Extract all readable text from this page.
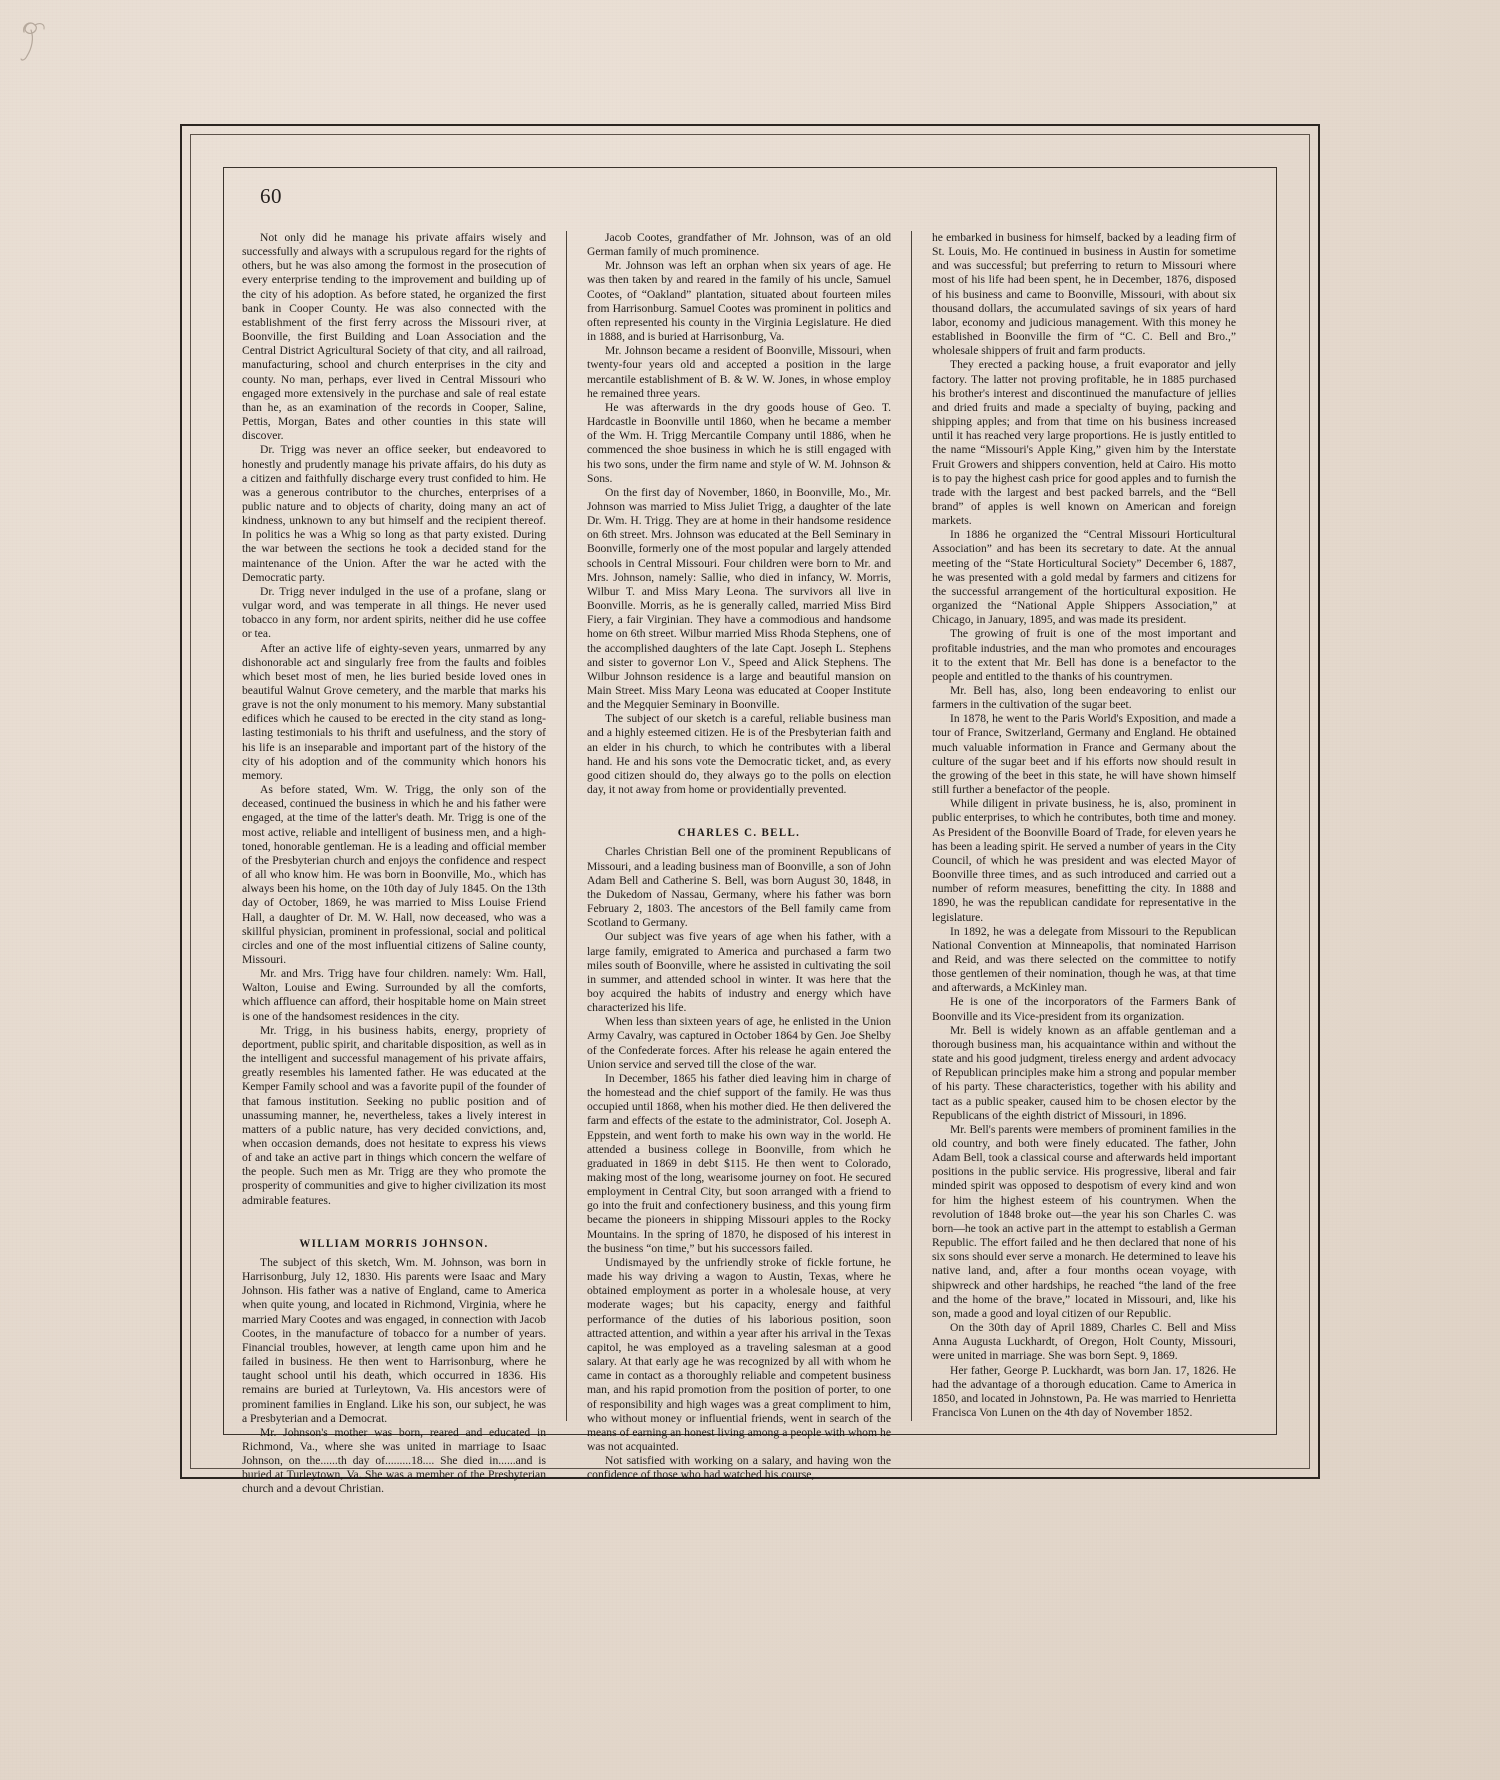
60

Not only did he manage his private affairs wisely and successfully and always with a scrupulous regard for the rights of others, but he was also among the formost in the prosecution of every enterprise tending to the improvement and building up of the city of his adoption. As before stated, he organized the first bank in Cooper County. He was also connected with the establishment of the first ferry across the Missouri river, at Boonville, the first Building and Loan Association and the Central District Agricultural Society of that city, and all railroad, manufacturing, school and church enterprises in the city and county. No man, perhaps, ever lived in Central Missouri who engaged more extensively in the purchase and sale of real estate than he, as an examination of the records in Cooper, Saline, Pettis, Morgan, Bates and other counties in this state will discover.

Dr. Trigg was never an office seeker, but endeavored to honestly and prudently manage his private affairs, do his duty as a citizen and faithfully discharge every trust confided to him. He was a generous contributor to the churches, enterprises of a public nature and to objects of charity, doing many an act of kindness, unknown to any but himself and the recipient thereof. In politics he was a Whig so long as that party existed. During the war between the sections he took a decided stand for the maintenance of the Union. After the war he acted with the Democratic party.

Dr. Trigg never indulged in the use of a profane, slang or vulgar word, and was temperate in all things. He never used tobacco in any form, nor ardent spirits, neither did he use coffee or tea.

After an active life of eighty-seven years, unmarred by any dishonorable act and singularly free from the faults and foibles which beset most of men, he lies buried beside loved ones in beautiful Walnut Grove cemetery, and the marble that marks his grave is not the only monument to his memory. Many substantial edifices which he caused to be erected in the city stand as long-lasting testimonials to his thrift and usefulness, and the story of his life is an inseparable and important part of the history of the city of his adoption and of the community which honors his memory.

As before stated, Wm. W. Trigg, the only son of the deceased, continued the business in which he and his father were engaged, at the time of the latter's death. Mr. Trigg is one of the most active, reliable and intelligent of business men, and a high-toned, honorable gentleman. He is a leading and official member of the Presbyterian church and enjoys the confidence and respect of all who know him. He was born in Boonville, Mo., which has always been his home, on the 10th day of July 1845. On the 13th day of October, 1869, he was married to Miss Louise Friend Hall, a daughter of Dr. M. W. Hall, now deceased, who was a skillful physician, prominent in professional, social and political circles and one of the most influential citizens of Saline county, Missouri.

Mr. and Mrs. Trigg have four children. namely: Wm. Hall, Walton, Louise and Ewing. Surrounded by all the comforts, which affluence can afford, their hospitable home on Main street is one of the handsomest residences in the city.

Mr. Trigg, in his business habits, energy, propriety of deportment, public spirit, and charitable disposition, as well as in the intelligent and successful management of his private affairs, greatly resembles his lamented father. He was educated at the Kemper Family school and was a favorite pupil of the founder of that famous institution. Seeking no public position and of unassuming manner, he, nevertheless, takes a lively interest in matters of a public nature, has very decided convictions, and, when occasion demands, does not hesitate to express his views of and take an active part in things which concern the welfare of the people. Such men as Mr. Trigg are they who promote the prosperity of communities and give to higher civilization its most admirable features.

WILLIAM MORRIS JOHNSON.

The subject of this sketch, Wm. M. Johnson, was born in Harrisonburg, July 12, 1830. His parents were Isaac and Mary Johnson. His father was a native of England, came to America when quite young, and located in Richmond, Virginia, where he married Mary Cootes and was engaged, in connection with Jacob Cootes, in the manufacture of tobacco for a number of years. Financial troubles, however, at length came upon him and he failed in business. He then went to Harrisonburg, where he taught school until his death, which occurred in 1836. His remains are buried at Turleytown, Va. His ancestors were of prominent families in England. Like his son, our subject, he was a Presbyterian and a Democrat.

Mr. Johnson's mother was born, reared and educated in Richmond, Va., where she was united in marriage to Isaac Johnson, on the......th day of.........18.... She died in......and is buried at Turleytown, Va. She was a member of the Presbyterian church and a devout Christian.

Jacob Cootes, grandfather of Mr. Johnson, was of an old German family of much prominence.

Mr. Johnson was left an orphan when six years of age. He was then taken by and reared in the family of his uncle, Samuel Cootes, of “Oakland” plantation, situated about fourteen miles from Harrisonburg. Samuel Cootes was prominent in politics and often represented his county in the Virginia Legislature. He died in 1888, and is buried at Harrisonburg, Va.

Mr. Johnson became a resident of Boonville, Missouri, when twenty-four years old and accepted a position in the large mercantile establishment of B. & W. W. Jones, in whose employ he remained three years.

He was afterwards in the dry goods house of Geo. T. Hardcastle in Boonville until 1860, when he became a member of the Wm. H. Trigg Mercantile Company until 1886, when he commenced the shoe business in which he is still engaged with his two sons, under the firm name and style of W. M. Johnson & Sons.

On the first day of November, 1860, in Boonville, Mo., Mr. Johnson was married to Miss Juliet Trigg, a daughter of the late Dr. Wm. H. Trigg. They are at home in their handsome residence on 6th street. Mrs. Johnson was educated at the Bell Seminary in Boonville, formerly one of the most popular and largely attended schools in Central Missouri. Four children were born to Mr. and Mrs. Johnson, namely: Sallie, who died in infancy, W. Morris, Wilbur T. and Miss Mary Leona. The survivors all live in Boonville. Morris, as he is generally called, married Miss Bird Fiery, a fair Virginian. They have a commodious and handsome home on 6th street. Wilbur married Miss Rhoda Stephens, one of the accomplished daughters of the late Capt. Joseph L. Stephens and sister to governor Lon V., Speed and Alick Stephens. The Wilbur Johnson residence is a large and beautiful mansion on Main Street. Miss Mary Leona was educated at Cooper Institute and the Megquier Seminary in Boonville.

The subject of our sketch is a careful, reliable business man and a highly esteemed citizen. He is of the Presbyterian faith and an elder in his church, to which he contributes with a liberal hand. He and his sons vote the Democratic ticket, and, as every good citizen should do, they always go to the polls on election day, it not away from home or providentially prevented.

CHARLES C. BELL.

Charles Christian Bell one of the prominent Republicans of Missouri, and a leading business man of Boonville, a son of John Adam Bell and Catherine S. Bell, was born August 30, 1848, in the Dukedom of Nassau, Germany, where his father was born February 2, 1803. The ancestors of the Bell family came from Scotland to Germany.

Our subject was five years of age when his father, with a large family, emigrated to America and purchased a farm two miles south of Boonville, where he assisted in cultivating the soil in summer, and attended school in winter. It was here that the boy acquired the habits of industry and energy which have characterized his life.

When less than sixteen years of age, he enlisted in the Union Army Cavalry, was captured in October 1864 by Gen. Joe Shelby of the Confederate forces. After his release he again entered the Union service and served till the close of the war.

In December, 1865 his father died leaving him in charge of the homestead and the chief support of the family. He was thus occupied until 1868, when his mother died. He then delivered the farm and effects of the estate to the administrator, Col. Joseph A. Eppstein, and went forth to make his own way in the world. He attended a business college in Boonville, from which he graduated in 1869 in debt $115. He then went to Colorado, making most of the long, wearisome journey on foot. He secured employment in Central City, but soon arranged with a friend to go into the fruit and confectionery business, and this young firm became the pioneers in shipping Missouri apples to the Rocky Mountains. In the spring of 1870, he disposed of his interest in the business “on time,” but his successors failed.

Undismayed by the unfriendly stroke of fickle fortune, he made his way driving a wagon to Austin, Texas, where he obtained employment as porter in a wholesale house, at very moderate wages; but his capacity, energy and faithful performance of the duties of his laborious position, soon attracted attention, and within a year after his arrival in the Texas capitol, he was employed as a traveling salesman at a good salary. At that early age he was recognized by all with whom he came in contact as a thoroughly reliable and competent business man, and his rapid promotion from the position of porter, to one of responsibility and high wages was a great compliment to him, who without money or influential friends, went in search of the means of earning an honest living among a people with whom he was not acquainted.

Not satisfied with working on a salary, and having won the confidence of those who had watched his course,

he embarked in business for himself, backed by a leading firm of St. Louis, Mo. He continued in business in Austin for sometime and was successful; but preferring to return to Missouri where most of his life had been spent, he in December, 1876, disposed of his business and came to Boonville, Missouri, with about six thousand dollars, the accumulated savings of six years of hard labor, economy and judicious management. With this money he established in Boonville the firm of “C. C. Bell and Bro.,” wholesale shippers of fruit and farm products.

They erected a packing house, a fruit evaporator and jelly factory. The latter not proving profitable, he in 1885 purchased his brother's interest and discontinued the manufacture of jellies and dried fruits and made a specialty of buying, packing and shipping apples; and from that time on his business increased until it has reached very large proportions. He is justly entitled to the name “Missouri's Apple King,” given him by the Interstate Fruit Growers and shippers convention, held at Cairo. His motto is to pay the highest cash price for good apples and to furnish the trade with the largest and best packed barrels, and the “Bell brand” of apples is well known on American and foreign markets.

In 1886 he organized the “Central Missouri Horticultural Association” and has been its secretary to date. At the annual meeting of the “State Horticultural Society” December 6, 1887, he was presented with a gold medal by farmers and citizens for the successful arrangement of the horticultural exposition. He organized the “National Apple Shippers Association,” at Chicago, in January, 1895, and was made its president.

The growing of fruit is one of the most important and profitable industries, and the man who promotes and encourages it to the extent that Mr. Bell has done is a benefactor to the people and entitled to the thanks of his countrymen.

Mr. Bell has, also, long been endeavoring to enlist our farmers in the cultivation of the sugar beet.

In 1878, he went to the Paris World's Exposition, and made a tour of France, Switzerland, Germany and England. He obtained much valuable information in France and Germany about the culture of the sugar beet and if his efforts now should result in the growing of the beet in this state, he will have shown himself still further a benefactor of the people.

While diligent in private business, he is, also, prominent in public enterprises, to which he contributes, both time and money. As President of the Boonville Board of Trade, for eleven years he has been a leading spirit. He served a number of years in the City Council, of which he was president and was elected Mayor of Boonville three times, and as such introduced and carried out a number of reform measures, benefitting the city. In 1888 and 1890, he was the republican candidate for representative in the legislature.

In 1892, he was a delegate from Missouri to the Republican National Convention at Minneapolis, that nominated Harrison and Reid, and was there selected on the committee to notify those gentlemen of their nomination, though he was, at that time and afterwards, a McKinley man.

He is one of the incorporators of the Farmers Bank of Boonville and its Vice-president from its organization.

Mr. Bell is widely known as an affable gentleman and a thorough business man, his acquaintance within and without the state and his good judgment, tireless energy and ardent advocacy of Republican principles make him a strong and popular member of his party. These characteristics, together with his ability and tact as a public speaker, caused him to be chosen elector by the Republicans of the eighth district of Missouri, in 1896.

Mr. Bell's parents were members of prominent families in the old country, and both were finely educated. The father, John Adam Bell, took a classical course and afterwards held important positions in the public service. His progressive, liberal and fair minded spirit was opposed to despotism of every kind and won for him the highest esteem of his countrymen. When the revolution of 1848 broke out—the year his son Charles C. was born—he took an active part in the attempt to establish a German Republic. The effort failed and he then declared that none of his six sons should ever serve a monarch. He determined to leave his native land, and, after a four months ocean voyage, with shipwreck and other hardships, he reached “the land of the free and the home of the brave,” located in Missouri, and, like his son, made a good and loyal citizen of our Republic.

On the 30th day of April 1889, Charles C. Bell and Miss Anna Augusta Luckhardt, of Oregon, Holt County, Missouri, were united in marriage. She was born Sept. 9, 1869.

Her father, George P. Luckhardt, was born Jan. 17, 1826. He had the advantage of a thorough education. Came to America in 1850, and located in Johnstown, Pa. He was married to Henrietta Francisca Von Lunen on the 4th day of November 1852.
